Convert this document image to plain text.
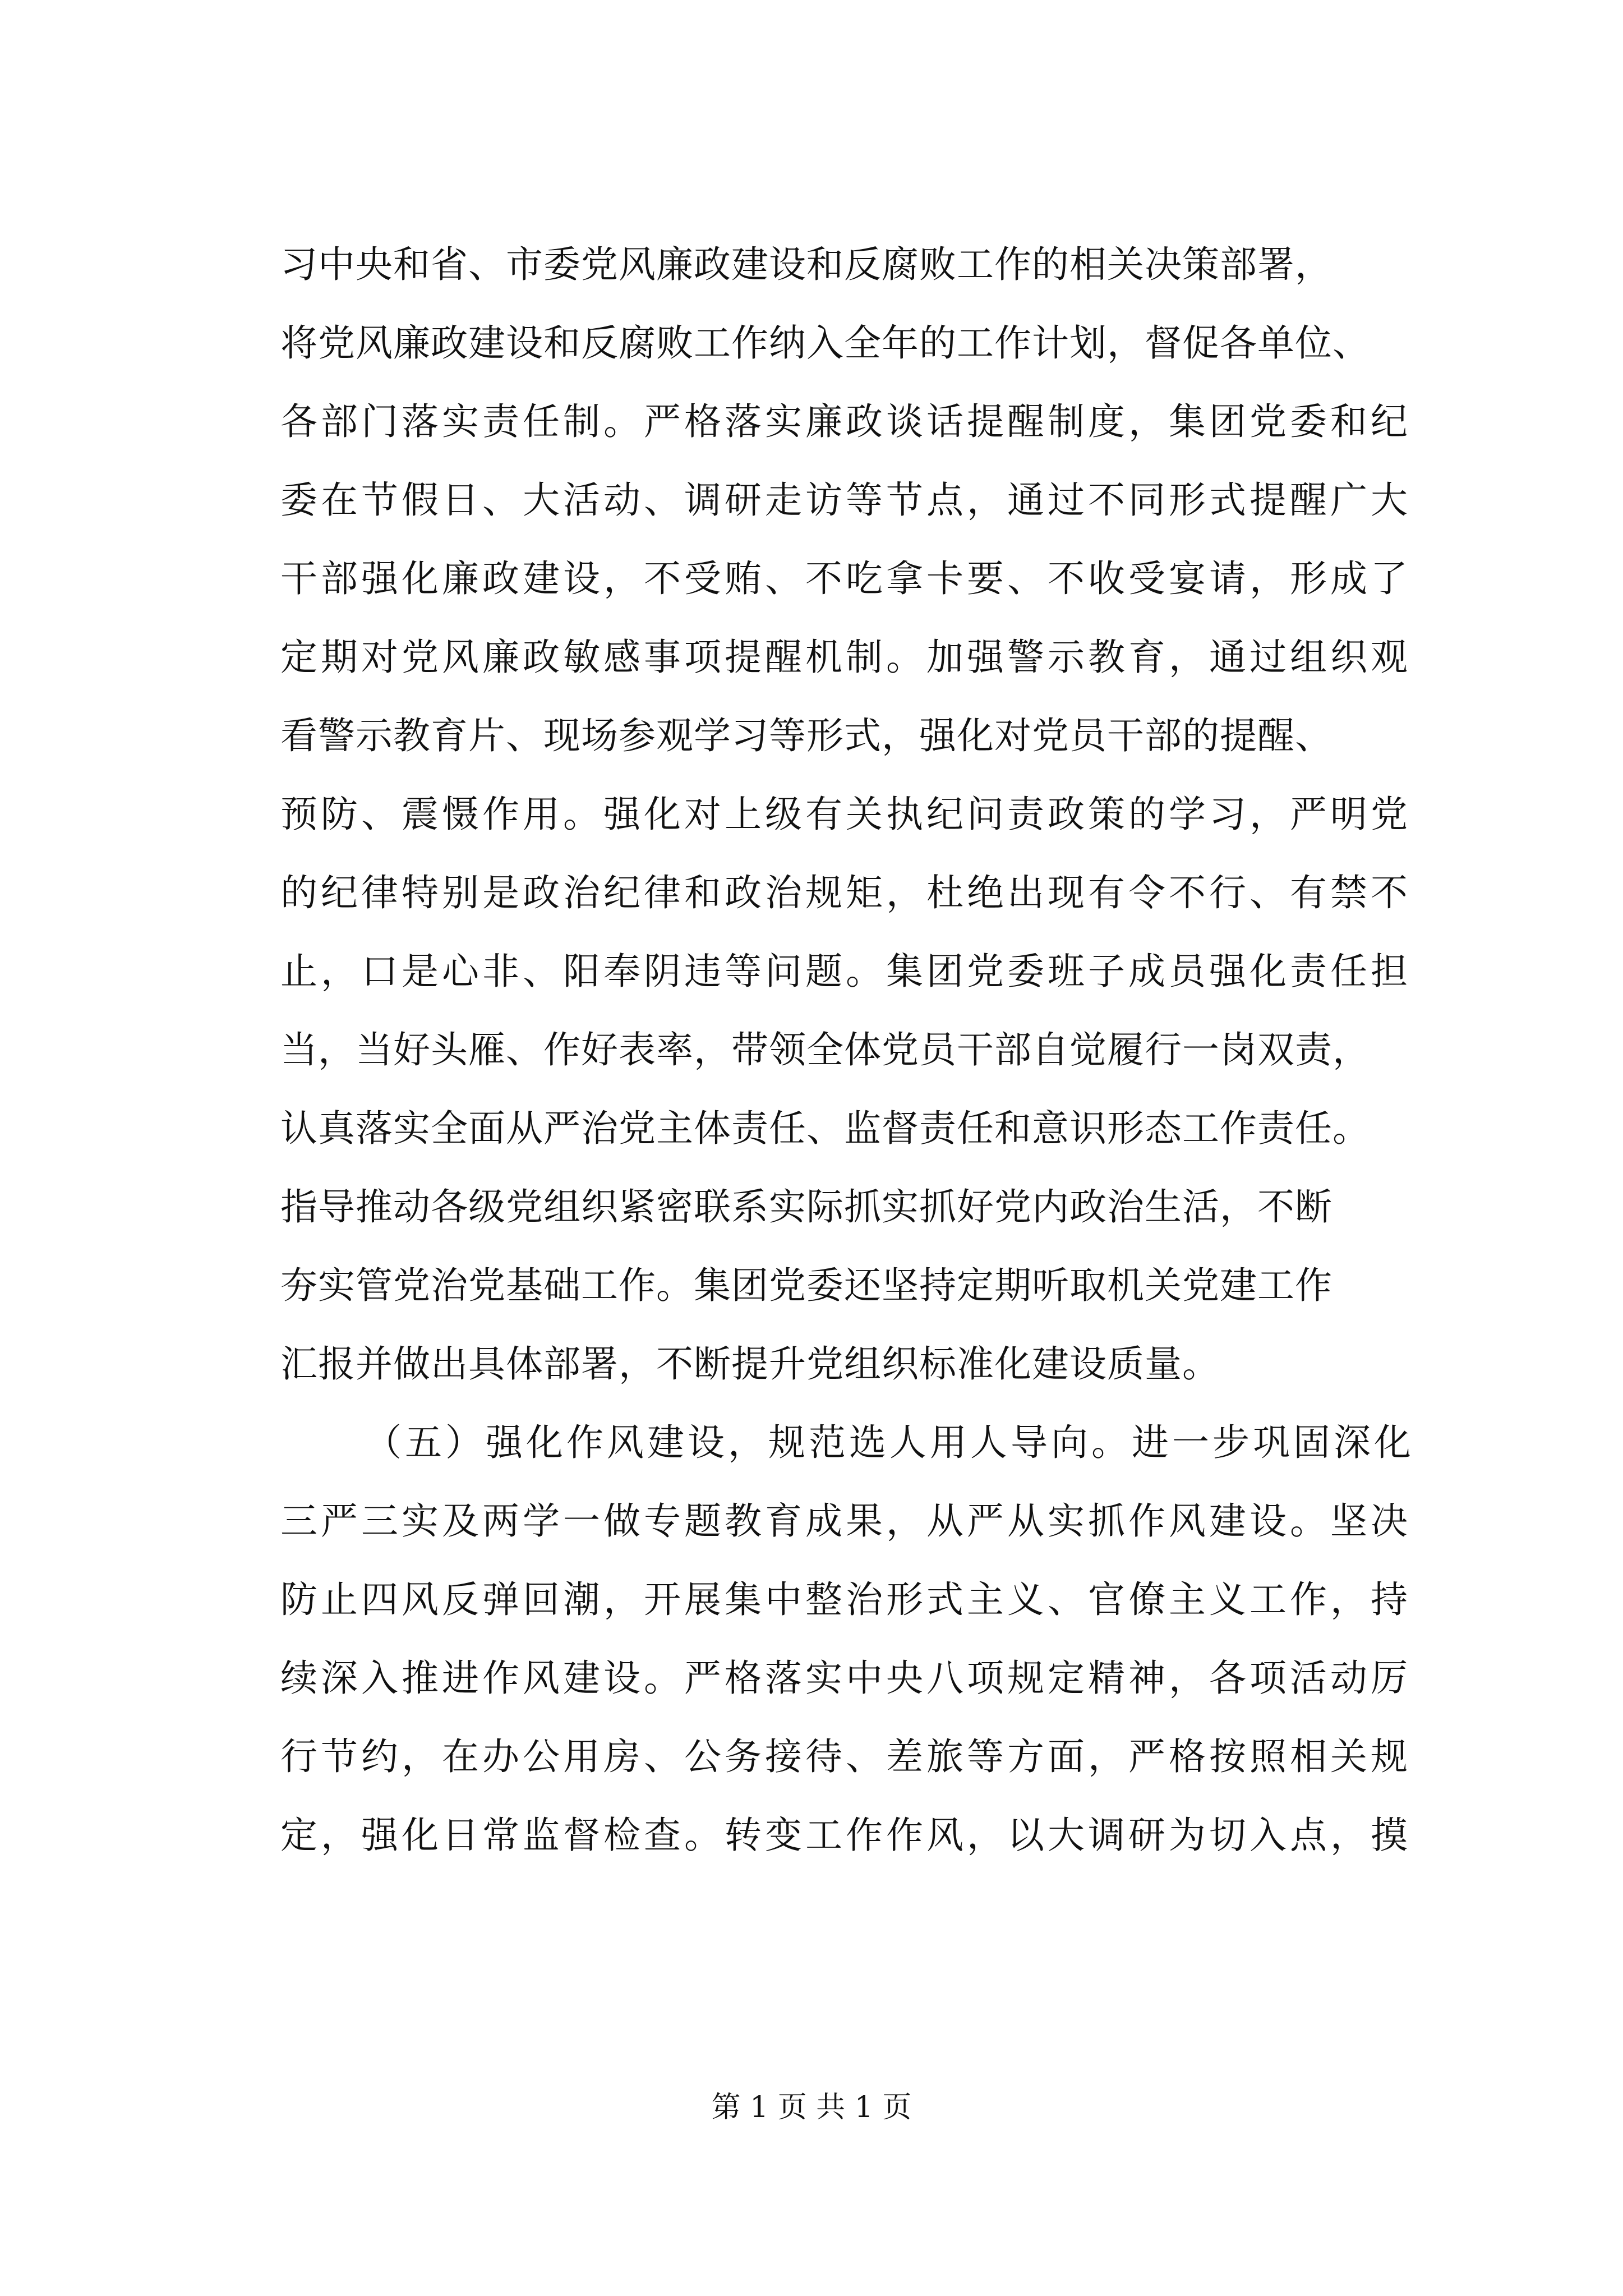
习中央和省、市委党风廉政建设和反腐败工作的相关决策部署，
将党风廉政建设和反腐败工作纳入全年的工作计划，督促各单位、
各部门落实责任制。严格落实廉政谈话提醒制度，集团党委和纪
委在节假日、大活动、调研走访等节点，通过不同形式提醒广大
干部强化廉政建设，不受贿、不吃拿卡要、不收受宴请，形成了
定期对党风廉政敏感事项提醒机制。加强警示教育，通过组织观
看警示教育片、现场参观学习等形式，强化对党员干部的提醒、
预防、震慑作用。强化对上级有关执纪问责政策的学习，严明党
的纪律特别是政治纪律和政治规矩，杜绝出现有令不行、有禁不
止，口是心非、阳奉阴违等问题。集团党委班子成员强化责任担
当，当好头雁、作好表率，带领全体党员干部自觉履行一岗双责，
认真落实全面从严治党主体责任、监督责任和意识形态工作责任。
指导推动各级党组织紧密联系实际抓实抓好党内政治生活，不断
夯实管党治党基础工作。集团党委还坚持定期听取机关党建工作
汇报并做出具体部署，不断提升党组织标准化建设质量。
（五）强化作风建设，规范选人用人导向。进一步巩固深化
三严三实及两学一做专题教育成果，从严从实抓作风建设。坚决
防止四风反弹回潮，开展集中整治形式主义、官僚主义工作，持
续深入推进作风建设。严格落实中央八项规定精神，各项活动厉
行节约，在办公用房、公务接待、差旅等方面，严格按照相关规
定，强化日常监督检查。转变工作作风，以大调研为切入点，摸
第 1 页 共 1 页
